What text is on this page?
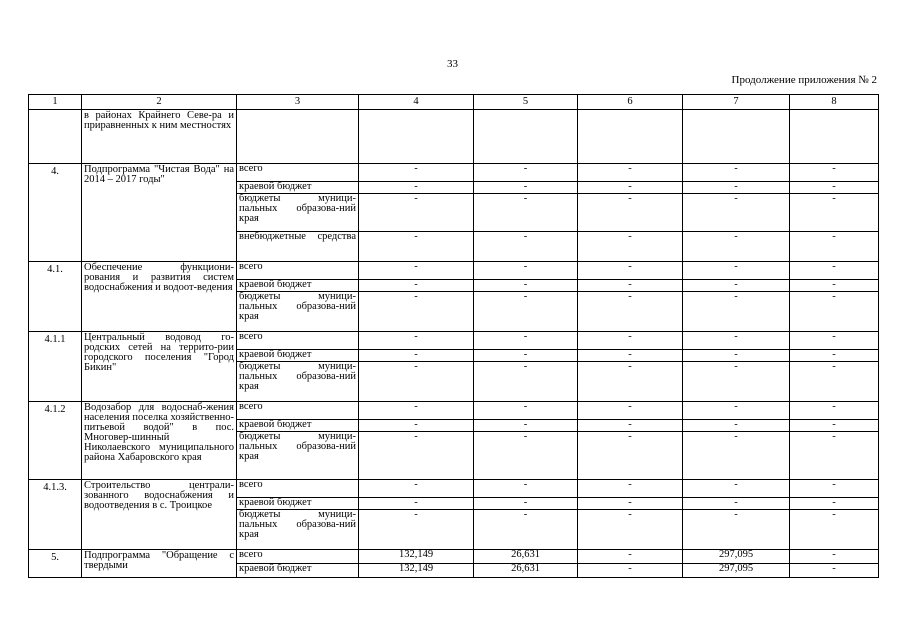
33
Продолжение приложения № 2
1	2	3	4	5	6	7	8
	в районах Крайнего Севе-ра и приравненных к ним местностях						
4.	Подпрограмма "Чистая Вода" на 2014 – 2017 годы"	всего	-	-	-	-	-
		краевой бюджет	-	-	-	-	-
		бюджеты муници-пальных образова-ний края	-	-	-	-	-
		внебюджетные средства	-	-	-	-	-
4.1.	Обеспечение функциони-рования и развития систем водоснабжения и водоот-ведения	всего	-	-	-	-	-
		краевой бюджет	-	-	-	-	-
		бюджеты муници-пальных образова-ний края	-	-	-	-	-
4.1.1	Центральный водовод го-родских сетей на террито-рии городского поселения "Город Бикин"	всего	-	-	-	-	-
		краевой бюджет	-	-	-	-	-
		бюджеты муници-пальных образова-ний края	-	-	-	-	-
4.1.2	Водозабор для водоснаб-жения населения поселка хозяйственно-питьевой водой" в пос. Многовер-шинный Николаевского муниципального района Хабаровского края	всего	-	-	-	-	-
		краевой бюджет	-	-	-	-	-
		бюджеты муници-пальных образова-ний края	-	-	-	-	-
4.1.3.	Строительство централи-зованного водоснабжения и водоотведения в с. Троицкое	всего	-	-	-	-	-
		краевой бюджет	-	-	-	-	-
		бюджеты муници-пальных образова-ний края	-	-	-	-	-
5.	Подпрограмма "Обращение с твердыми	всего	132,149	26,631	-	297,095	-
		краевой бюджет	132,149	26,631	-	297,095	-
